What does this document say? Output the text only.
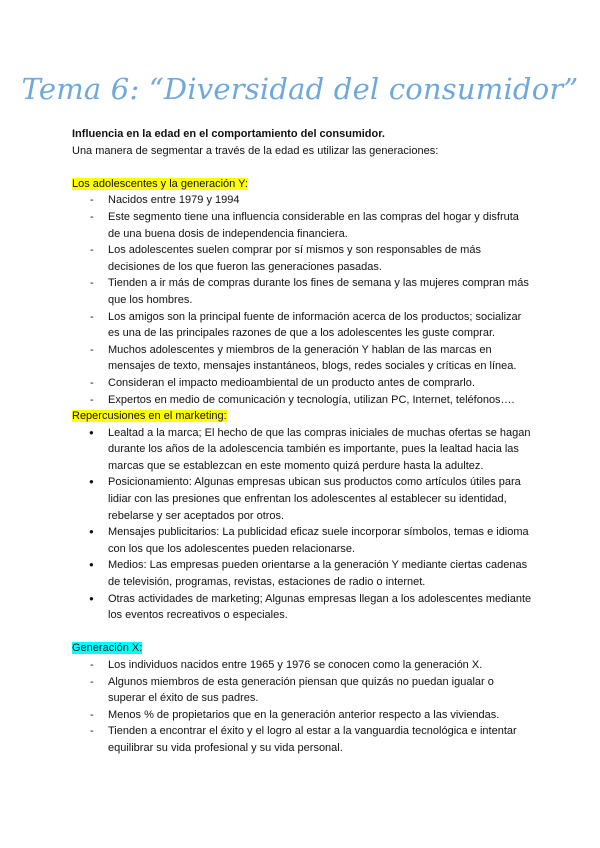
Tema 6: “Diversidad del consumidor”

Influencia en la edad en el comportamiento del consumidor.

Una manera de segmentar a través de la edad es utilizar las generaciones:

Los adolescentes y la generación Y:

- Nacidos entre 1979 y 1994
- Este segmento tiene una influencia considerable en las compras del hogar y disfruta de una buena dosis de independencia financiera.
- Los adolescentes suelen comprar por sí mismos y son responsables de más decisiones de los que fueron las generaciones pasadas.
- Tienden a ir más de compras durante los fines de semana y las mujeres compran más que los hombres.
- Los amigos son la principal fuente de información acerca de los productos; socializar es una de las principales razones de que a los adolescentes les guste comprar.
- Muchos adolescentes y miembros de la generación Y hablan de las marcas en mensajes de texto, mensajes instantáneos, blogs, redes sociales y críticas en línea.
- Consideran el impacto medioambiental de un producto antes de comprarlo.
- Expertos en medio de comunicación y tecnología, utilizan PC, Internet, teléfonos….

Repercusiones en el marketing:

● Lealtad a la marca; El hecho de que las compras iniciales de muchas ofertas se hagan durante los años de la adolescencia también es importante, pues la lealtad hacia las marcas que se establezcan en este momento quizá perdure hasta la adultez.
● Posicionamiento: Algunas empresas ubican sus productos como artículos útiles para lidiar con las presiones que enfrentan los adolescentes al establecer su identidad, rebelarse y ser aceptados por otros.
● Mensajes publicitarios: La publicidad eficaz suele incorporar símbolos, temas e idioma con los que los adolescentes pueden relacionarse.
● Medios: Las empresas pueden orientarse a la generación Y mediante ciertas cadenas de televisión, programas, revistas, estaciones de radio o internet.
● Otras actividades de marketing; Algunas empresas llegan a los adolescentes mediante los eventos recreativos o especiales.

Generación X:

- Los individuos nacidos entre 1965 y 1976 se conocen como la generación X.
- Algunos miembros de esta generación piensan que quizás no puedan igualar o superar el éxito de sus padres.
- Menos % de propietarios que en la generación anterior respecto a las viviendas.
- Tienden a encontrar el éxito y el logro al estar a la vanguardia tecnológica e intentar equilibrar su vida profesional y su vida personal.
